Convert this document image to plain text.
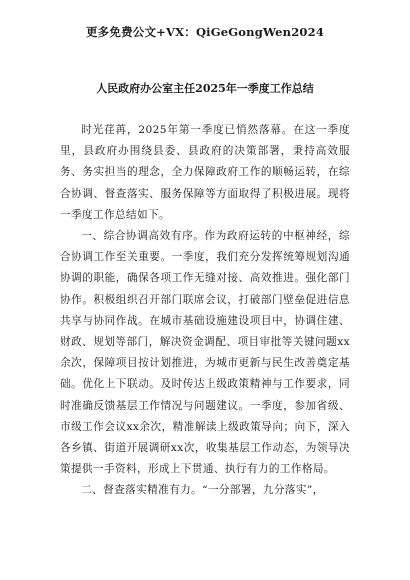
更多免费公文+VX：QiGeGongWen2024
人民政府办公室主任2025年一季度工作总结

时光荏苒，2025年第一季度已悄然落幕。在这一季度里，县政府办围绕县委、县政府的决策部署，秉持高效服务、务实担当的理念，全力保障政府工作的顺畅运转，在综合协调、督查落实、服务保障等方面取得了积极进展。现将一季度工作总结如下。

一、综合协调高效有序。作为政府运转的中枢神经，综合协调工作至关重要。一季度，我们充分发挥统筹规划沟通协调的职能，确保各项工作无缝对接、高效推进。强化部门协作。积极组织召开部门联席会议，打破部门壁垒促进信息共享与协同作战。在城市基础设施建设项目中，协调住建、财政、规划等部门，解决资金调配、项目审批等关键问题xx余次，保障项目按计划推进，为城市更新与民生改善奠定基础。优化上下联动。及时传达上级政策精神与工作要求，同时准确反馈基层工作情况与问题建议。一季度，参加省级、市级工作会议xx余次，精准解读上级政策导向；向下，深入各乡镇、街道开展调研xx次，收集基层工作动态，为领导决策提供一手资料，形成上下贯通、执行有力的工作格局。

二、督查落实精准有力。“一分部署，九分落实”，
